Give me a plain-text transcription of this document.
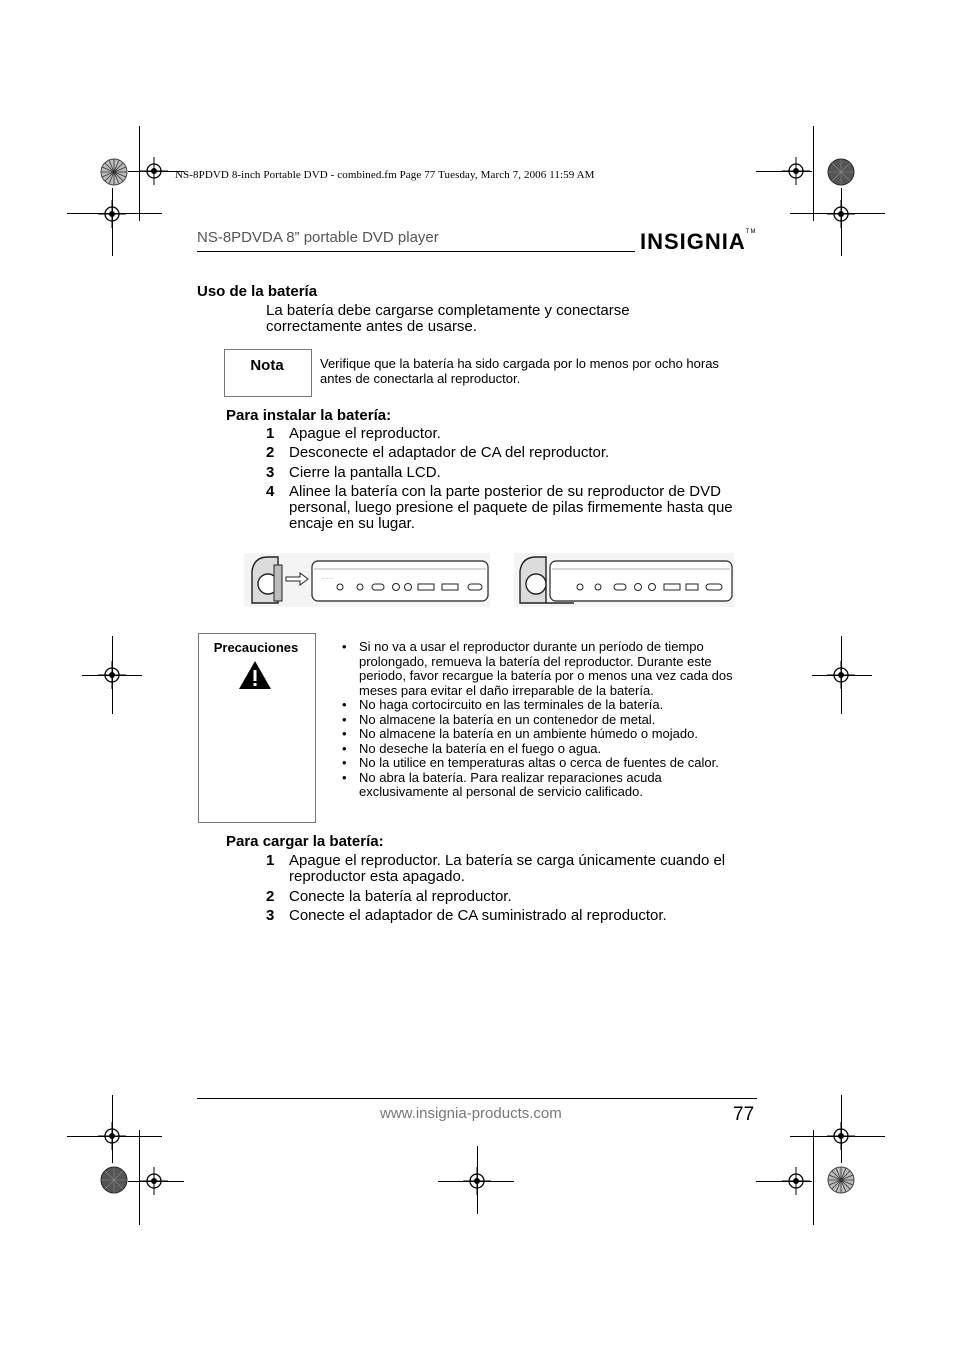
NS-8PDVD 8-inch Portable DVD - combined.fm Page 77 Tuesday, March 7, 2006 11:59 AM
NS-8PDVDA 8” portable DVD player	INSIGNIA™
Uso de la batería
La batería debe cargarse completamente y conectarse correctamente antes de usarse.
Nota	Verifique que la batería ha sido cargada por lo menos por ocho horas antes de conectarla al reproductor.
Para instalar la batería:
1 Apague el reproductor.
2 Desconecte el adaptador de CA del reproductor.
3 Cierre la pantalla LCD.
4 Alinee la batería con la parte posterior de su reproductor de DVD personal, luego presione el paquete de pilas firmemente hasta que encaje en su lugar.
— — —
Precauciones
•	Si no va a usar el reproductor durante un período de tiempo prolongado, remueva la batería del reproductor. Durante este periodo, favor recargue la batería por o menos una vez cada dos meses para evitar el daño irreparable de la batería.
• No haga cortocircuito en las terminales de la batería.
• No almacene la batería en un contenedor de metal.
• No almacene la batería en un ambiente húmedo o mojado.
• No deseche la batería en el fuego o agua.
• No la utilice en temperaturas altas o cerca de fuentes de calor.
• No abra la batería. Para realizar reparaciones acuda exclusivamente al personal de servicio calificado.
Para cargar la batería:
1 Apague el reproductor. La batería se carga únicamente cuando el reproductor esta apagado.
2 Conecte la batería al reproductor.
3 Conecte el adaptador de CA suministrado al reproductor.
www.insignia-products.com	77
